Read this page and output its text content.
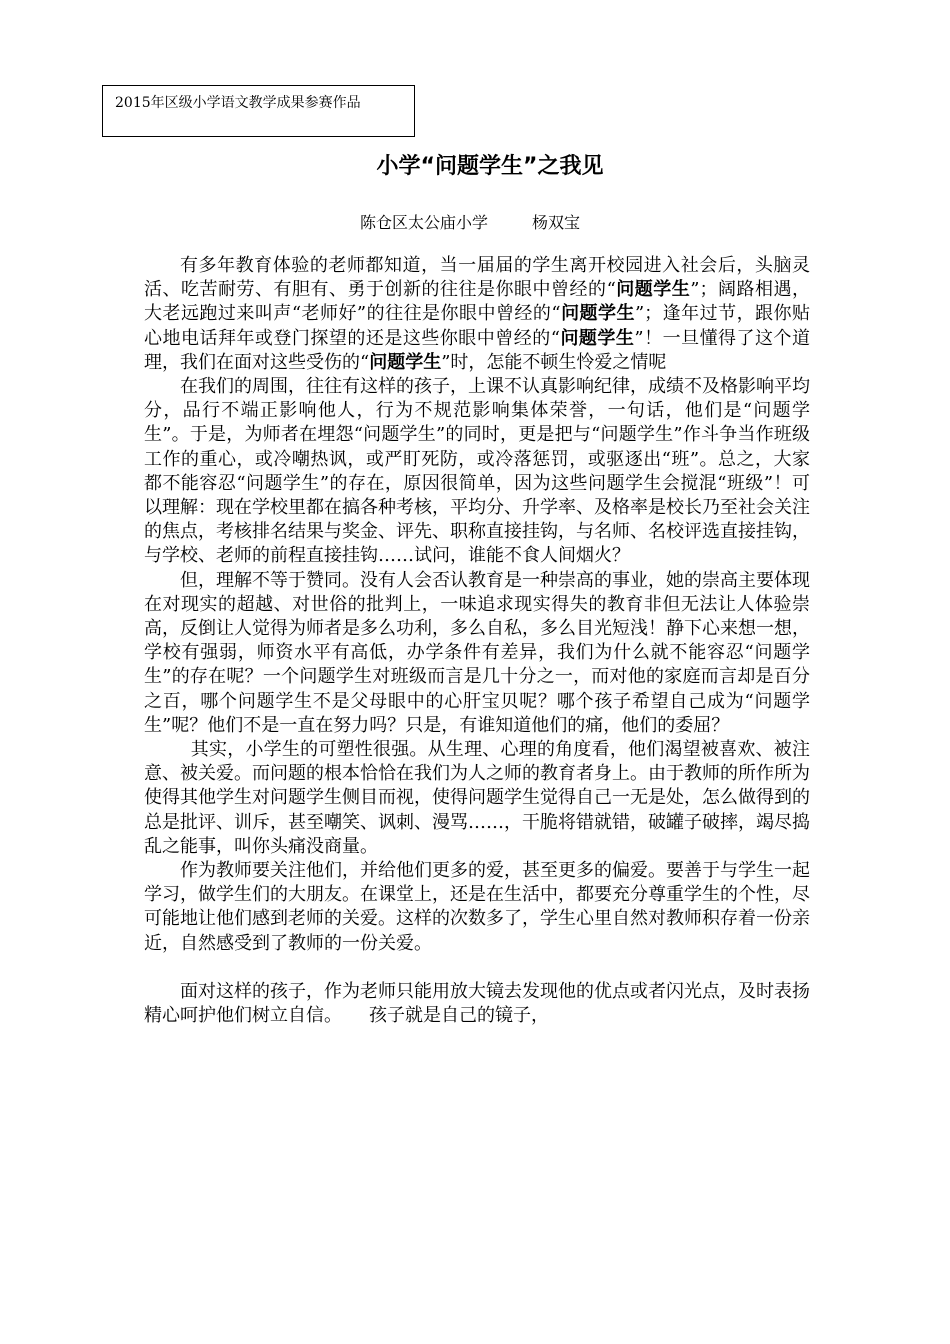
2015年区级小学语文教学成果参赛作品
小学“问题学生”之我见
陈仓区太公庙小学	杨双宝

有多年教育体验的老师都知道，当一届届的学生离开校园进入社会后，头脑灵活、吃苦耐劳、有胆有、勇于创新的往往是你眼中曾经的“问题学生”；阔路相遇，大老远跑过来叫声“老师好”的往往是你眼中曾经的“问题学生”；逢年过节，跟你贴心地电话拜年或登门探望的还是这些你眼中曾经的“问题学生”！一旦懂得了这个道理，我们在面对这些受伤的“问题学生”时，怎能不顿生怜爱之情呢

在我们的周围，往往有这样的孩子，上课不认真影响纪律，成绩不及格影响平均分，品行不端正影响他人，行为不规范影响集体荣誉，一句话，他们是“问题学生”。于是，为师者在埋怨“问题学生”的同时，更是把与“问题学生”作斗争当作班级工作的重心，或冷嘲热讽，或严盯死防，或冷落惩罚，或驱逐出“班”。总之，大家都不能容忍“问题学生”的存在，原因很简单，因为这些问题学生会搅混“班级”！可以理解：现在学校里都在搞各种考核，平均分、升学率、及格率是校长乃至社会关注的焦点，考核排名结果与奖金、评先、职称直接挂钩，与名师、名校评选直接挂钩，与学校、老师的前程直接挂钩……试问，谁能不食人间烟火？

但，理解不等于赞同。没有人会否认教育是一种崇高的事业，她的崇高主要体现在对现实的超越、对世俗的批判上，一味追求现实得失的教育非但无法让人体验崇高，反倒让人觉得为师者是多么功利，多么自私，多么目光短浅！静下心来想一想，学校有强弱，师资水平有高低，办学条件有差异，我们为什么就不能容忍“问题学生”的存在呢？一个问题学生对班级而言是几十分之一，而对他的家庭而言却是百分之百，哪个问题学生不是父母眼中的心肝宝贝呢？哪个孩子希望自己成为“问题学生”呢？他们不是一直在努力吗？只是，有谁知道他们的痛，他们的委屈？

其实，小学生的可塑性很强。从生理、心理的角度看，他们渴望被喜欢、被注意、被关爱。而问题的根本恰恰在我们为人之师的教育者身上。由于教师的所作所为使得其他学生对问题学生侧目而视，使得问题学生觉得自己一无是处，怎么做得到的总是批评、训斥，甚至嘲笑、讽刺、漫骂……，干脆将错就错，破罐子破摔，竭尽捣乱之能事，叫你头痛没商量。

作为教师要关注他们，并给他们更多的爱，甚至更多的偏爱。要善于与学生一起学习，做学生们的大朋友。在课堂上，还是在生活中，都要充分尊重学生的个性，尽可能地让他们感到老师的关爱。这样的次数多了，学生心里自然对教师积存着一份亲近，自然感受到了教师的一份关爱。

面对这样的孩子，作为老师只能用放大镜去发现他的优点或者闪光点，及时表扬精心呵护他们树立自信。　　孩子就是自己的镜子，
